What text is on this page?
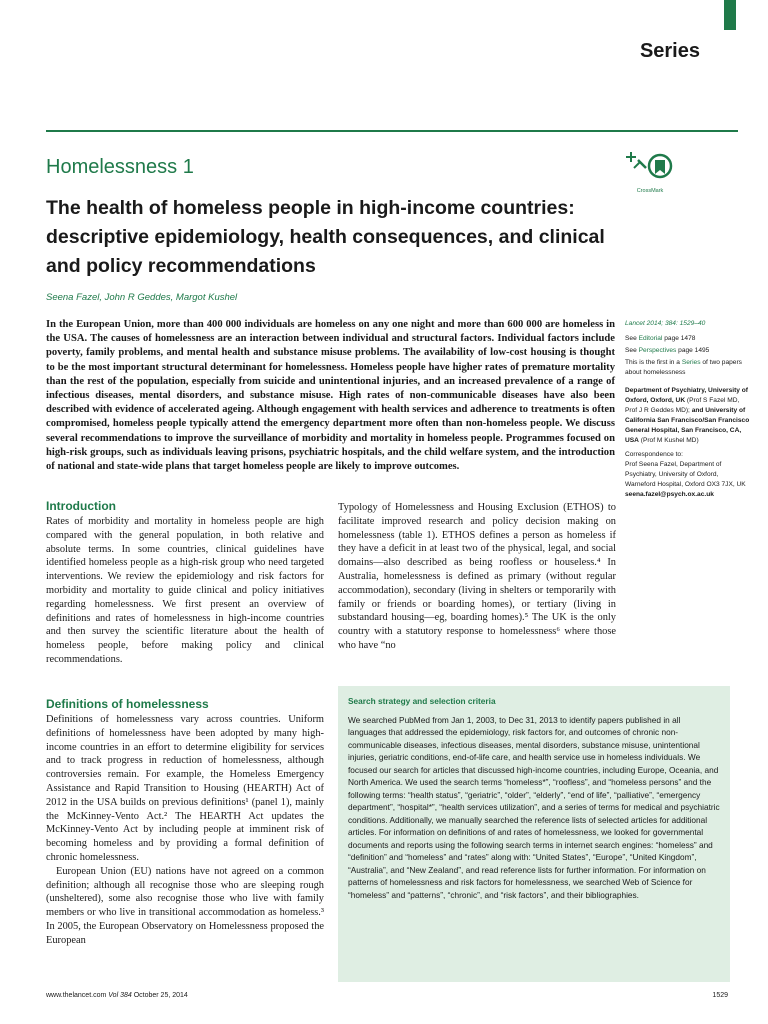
Series
Homelessness 1
CrossMark
The health of homeless people in high-income countries: descriptive epidemiology, health consequences, and clinical and policy recommendations
Seena Fazel, John R Geddes, Margot Kushel

In the European Union, more than 400 000 individuals are homeless on any one night and more than 600 000 are homeless in the USA. The causes of homelessness are an interaction between individual and structural factors. Individual factors include poverty, family problems, and mental health and substance misuse problems. The availability of low-cost housing is thought to be the most important structural determinant for homelessness. Homeless people have higher rates of premature mortality than the rest of the population, especially from suicide and unintentional injuries, and an increased prevalence of a range of infectious diseases, mental disorders, and substance misuse. High rates of non-communicable diseases have also been described with evidence of accelerated ageing. Although engagement with health services and adherence to treatments is often compromised, homeless people typically attend the emergency department more often than non-homeless people. We discuss several recommendations to improve the surveillance of morbidity and mortality in homeless people. Programmes focused on high-risk groups, such as individuals leaving prisons, psychiatric hospitals, and the child welfare system, and the introduction of national and state-wide plans that target homeless people are likely to improve outcomes.

Lancet 2014; 384: 1529–40
See Editorial page 1478
See Perspectives page 1495
This is the first in a Series of two papers about homelessness
Department of Psychiatry, University of Oxford, Oxford, UK (Prof S Fazel MD, Prof J R Geddes MD); and University of California San Francisco/San Francisco General Hospital, San Francisco, CA, USA (Prof M Kushel MD)
Correspondence to:
Prof Seena Fazel, Department of Psychiatry, University of Oxford, Warneford Hospital, Oxford OX3 7JX, UK
seena.fazel@psych.ox.ac.uk
Introduction

Rates of morbidity and mortality in homeless people are high compared with the general population, in both relative and absolute terms. In some countries, clinical guidelines have identified homeless people as a high-risk group who need targeted interventions. We review the epidemiology and risk factors for morbidity and mortality to guide clinical and policy initiatives regarding homelessness. We first present an overview of definitions and rates of homelessness in high-income countries and then survey the scientific literature about the health of homeless people, before making policy and clinical recommendations.

Definitions of homelessness

Definitions of homelessness vary across countries. Uniform definitions of homelessness have been adopted by many high-income countries in an effort to determine eligibility for services and to track progress in reduction of homelessness, although controversies remain. For example, the Homeless Emergency Assistance and Rapid Transition to Housing (HEARTH) Act of 2012 in the USA builds on previous definitions¹ (panel 1), mainly the McKinney-Vento Act.² The HEARTH Act updates the McKinney-Vento Act by including people at imminent risk of becoming homeless and by providing a formal definition of chronic homelessness.

European Union (EU) nations have not agreed on a common definition; although all recognise those who are sleeping rough (unsheltered), some also recognise those who live with family members or who live in transitional accommodation as homeless.³ In 2005, the European Observatory on Homelessness proposed the European

Typology of Homelessness and Housing Exclusion (ETHOS) to facilitate improved research and policy decision making on homelessness (table 1). ETHOS defines a person as homeless if they have a deficit in at least two of the physical, legal, and social domains—also described as being roofless or houseless.⁴ In Australia, homelessness is defined as primary (without regular accommodation), secondary (living in shelters or temporarily with family or friends or boarding homes), or tertiary (living in substandard housing—eg, boarding homes).⁵ The UK is the only country with a statutory response to homelessness⁶ where those who have “no

Search strategy and selection criteria
We searched PubMed from Jan 1, 2003, to Dec 31, 2013 to identify papers published in all languages that addressed the epidemiology, risk factors for, and outcomes of chronic non-communicable diseases, infectious diseases, mental disorders, substance misuse, unintentional injuries, geriatric conditions, end-of-life care, and health service use in homeless individuals. We focused our search for articles that discussed high-income countries, including Europe, Oceania, and North America. We used the search terms “homeless*”, “roofless”, and “homeless persons” and the following terms: “health status”, “geriatric”, “older”, “elderly”, “end of life”, “palliative”, “emergency department”, “hospital*”, “health services utilization”, and a series of terms for medical and psychiatric conditions. Additionally, we manually searched the reference lists of selected articles for additional articles. For information on definitions of and rates of homelessness, we looked for governmental documents and reports using the following search terms in internet search engines: “homeless” and “definition” and “homeless” and “rates” along with: “United States”, “Europe”, “United Kingdom”, “Australia”, and “New Zealand”, and read reference lists for further information. For information on patterns of homelessness and risk factors for homelessness, we searched Web of Science for “homeless” and “patterns”, “chronic”, and “risk factors”, and their bibliographies.
www.thelancet.com Vol 384 October 25, 2014	1529
